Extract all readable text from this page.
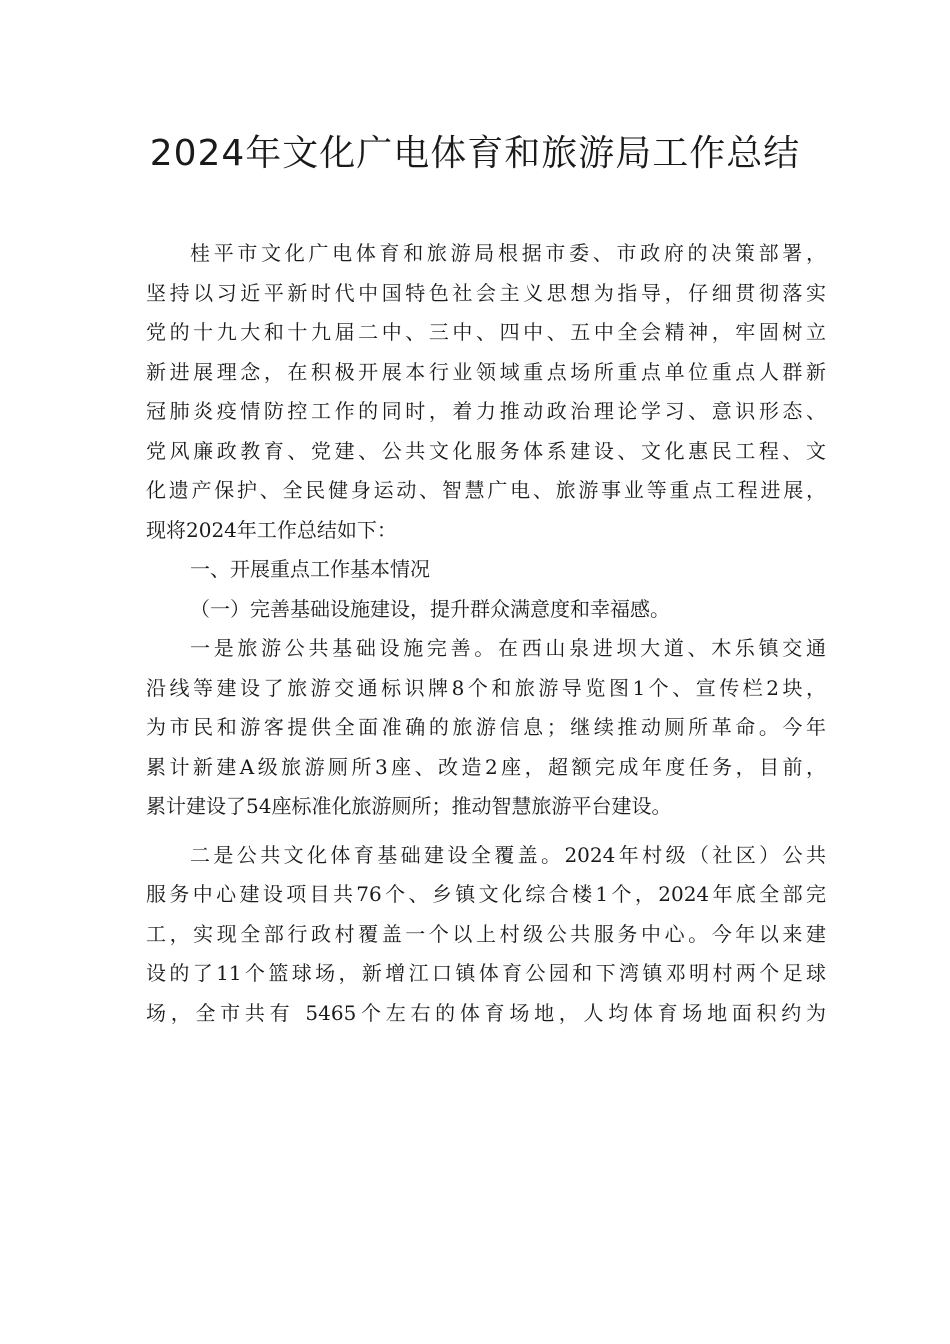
2024年文化广电体育和旅游局工作总结
桂平市文化广电体育和旅游局根据市委、市政府的决策部署，
坚持以习近平新时代中国特色社会主义思想为指导，仔细贯彻落实
党的十九大和十九届二中、三中、四中、五中全会精神，牢固树立
新进展理念，在积极开展本行业领域重点场所重点单位重点人群新
冠肺炎疫情防控工作的同时，着力推动政治理论学习、意识形态、
党风廉政教育、党建、公共文化服务体系建设、文化惠民工程、文
化遗产保护、全民健身运动、智慧广电、旅游事业等重点工程进展，
现将2024年工作总结如下：
一、开展重点工作基本情况
（一）完善基础设施建设，提升群众满意度和幸福感。
一是旅游公共基础设施完善。在西山泉进坝大道、木乐镇交通
沿线等建设了旅游交通标识牌8个和旅游导览图1个、宣传栏2块，
为市民和游客提供全面准确的旅游信息；继续推动厕所革命。今年
累计新建A级旅游厕所3座、改造2座，超额完成年度任务，目前，
累计建设了54座标准化旅游厕所；推动智慧旅游平台建设。
二是公共文化体育基础建设全覆盖。2024年村级（社区）公共
服务中心建设项目共76个、乡镇文化综合楼1个，2024年底全部完
工，实现全部行政村覆盖一个以上村级公共服务中心。今年以来建
设的了11个篮球场，新增江口镇体育公园和下湾镇邓明村两个足球
场，全市共有 5465个左右的体育场地，人均体育场地面积约为
